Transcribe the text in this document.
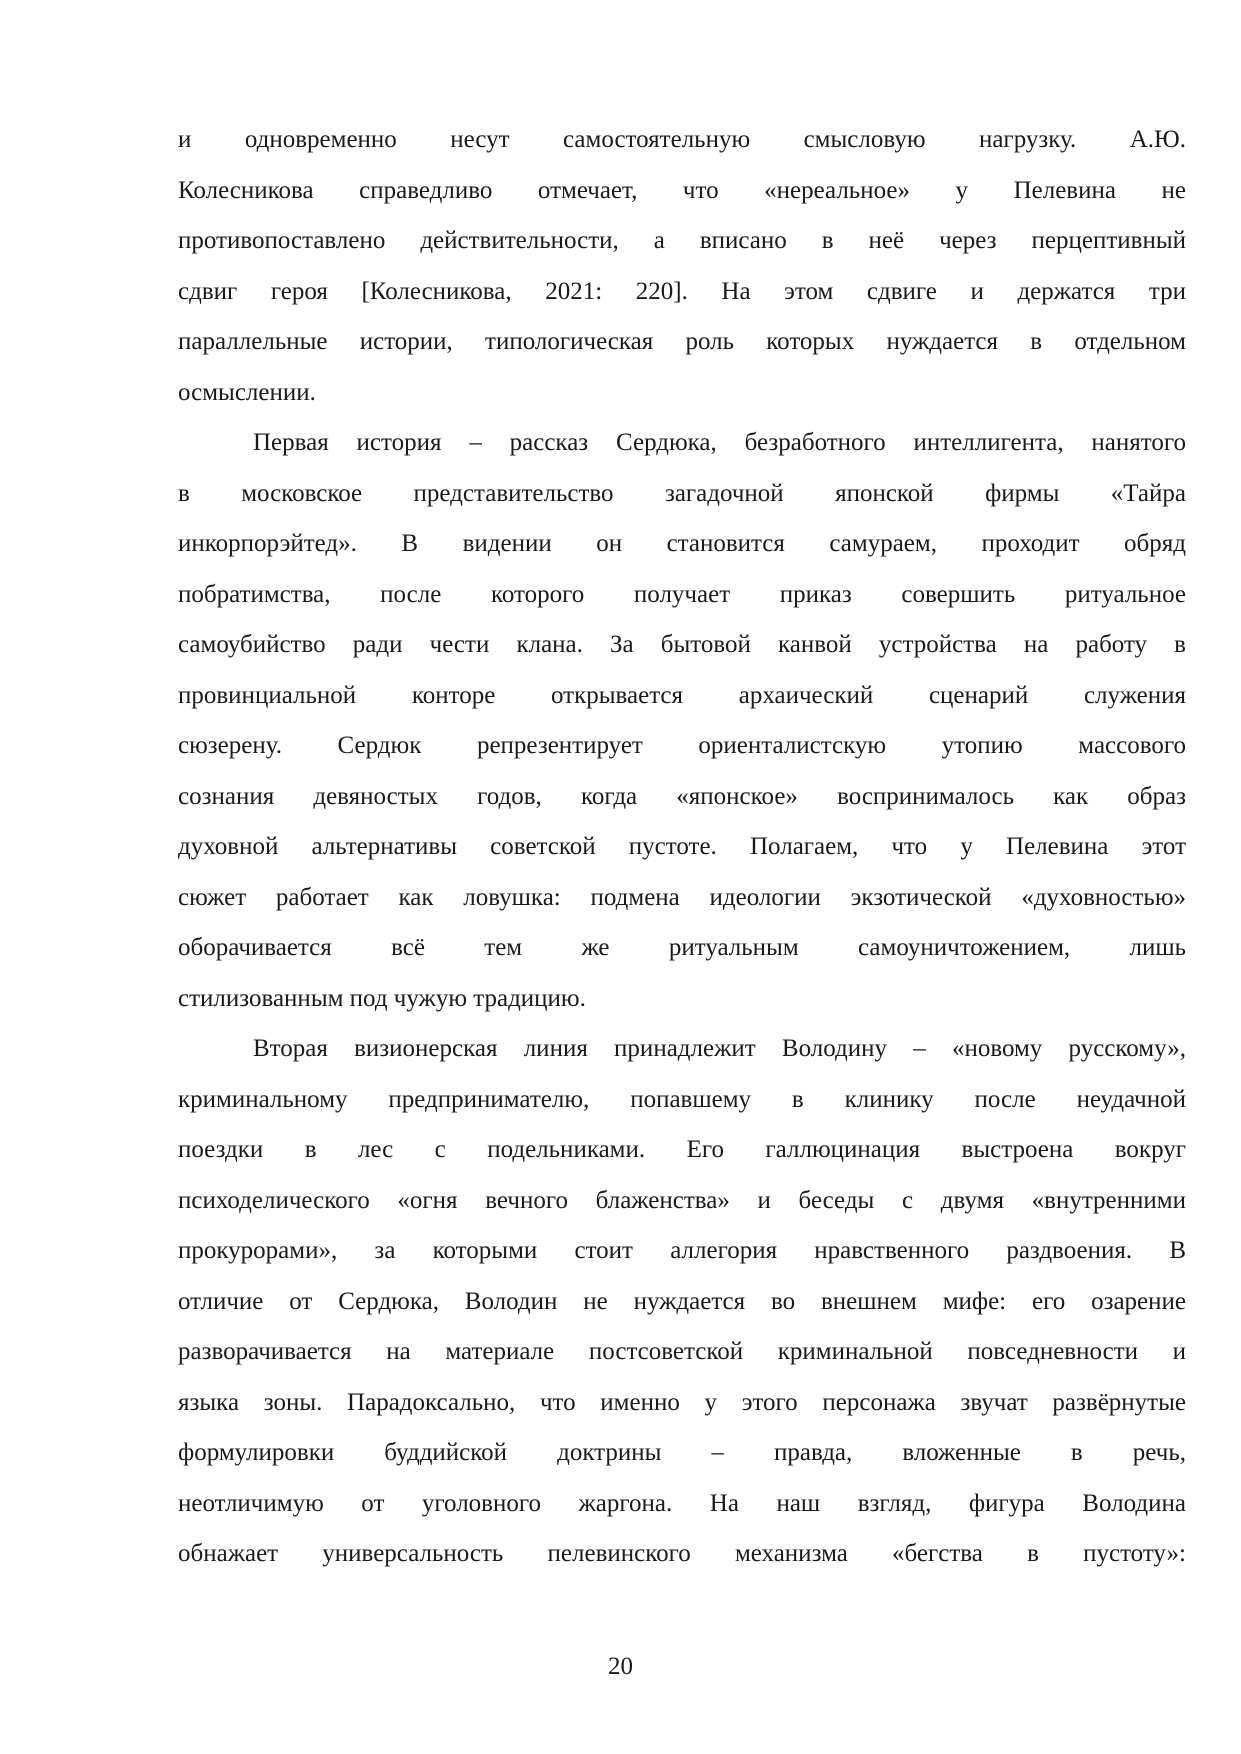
и одновременно несут самостоятельную смысловую нагрузку. А.Ю.
Колесникова справедливо отмечает, что «нереальное» у Пелевина не
противопоставлено действительности, а вписано в неё через перцептивный
сдвиг героя [Колесникова, 2021: 220]. На этом сдвиге и держатся три
параллельные истории, типологическая роль которых нуждается в отдельном
осмыслении.
Первая история – рассказ Сердюка, безработного интеллигента, нанятого
в московское представительство загадочной японской фирмы «Тайра
инкорпорэйтед». В видении он становится самураем, проходит обряд
побратимства, после которого получает приказ совершить ритуальное
самоубийство ради чести клана. За бытовой канвой устройства на работу в
провинциальной конторе открывается архаический сценарий служения
сюзерену. Сердюк репрезентирует ориенталистскую утопию массового
сознания девяностых годов, когда «японское» воспринималось как образ
духовной альтернативы советской пустоте. Полагаем, что у Пелевина этот
сюжет работает как ловушка: подмена идеологии экзотической «духовностью»
оборачивается всё тем же ритуальным самоуничтожением, лишь
стилизованным под чужую традицию.
Вторая визионерская линия принадлежит Володину – «новому русскому»,
криминальному предпринимателю, попавшему в клинику после неудачной
поездки в лес с подельниками. Его галлюцинация выстроена вокруг
психоделического «огня вечного блаженства» и беседы с двумя «внутренними
прокурорами», за которыми стоит аллегория нравственного раздвоения. В
отличие от Сердюка, Володин не нуждается во внешнем мифе: его озарение
разворачивается на материале постсоветской криминальной повседневности и
языка зоны. Парадоксально, что именно у этого персонажа звучат развёрнутые
формулировки буддийской доктрины – правда, вложенные в речь,
неотличимую от уголовного жаргона. На наш взгляд, фигура Володина
обнажает универсальность пелевинского механизма «бегства в пустоту»:
20
